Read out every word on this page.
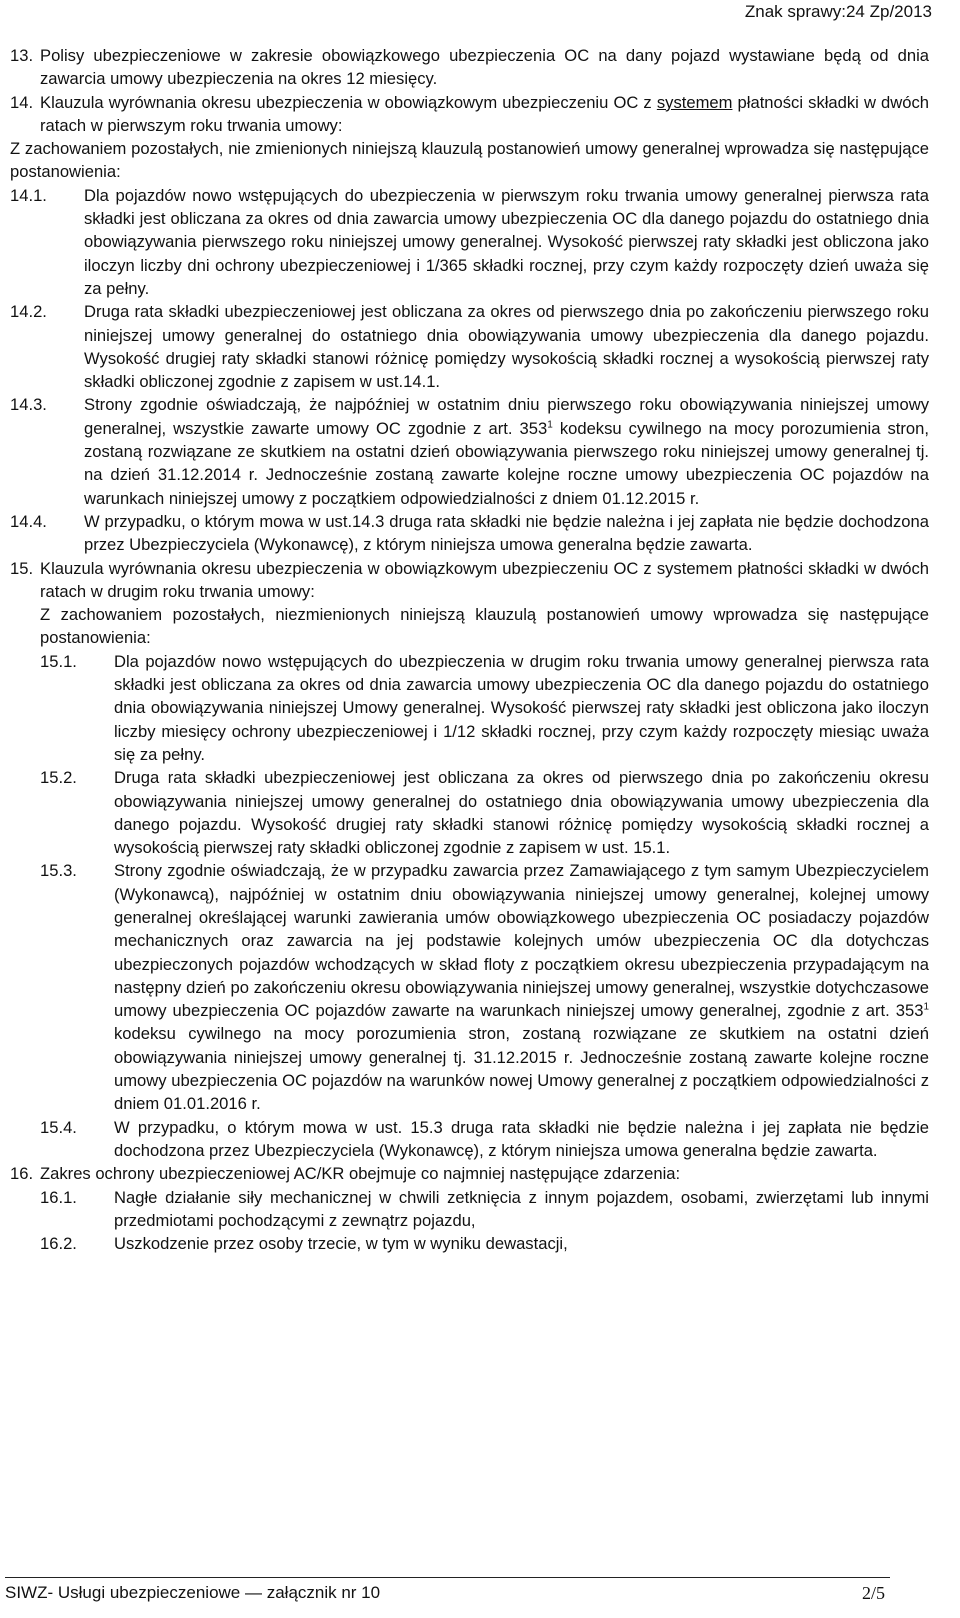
Znak sprawy:24 Zp/2013
13. Polisy ubezpieczeniowe w zakresie obowiązkowego ubezpieczenia OC na dany pojazd wystawiane będą od dnia zawarcia umowy ubezpieczenia na okres 12 miesięcy.
14. Klauzula wyrównania okresu ubezpieczenia w obowiązkowym ubezpieczeniu OC z systemem płatności składki w dwóch ratach w pierwszym roku trwania umowy:
Z zachowaniem pozostałych, nie zmienionych niniejszą klauzulą postanowień umowy generalnej wprowadza się następujące postanowienia:
14.1.	Dla pojazdów nowo wstępujących do ubezpieczenia w pierwszym roku trwania umowy generalnej pierwsza rata składki jest obliczana za okres od dnia zawarcia umowy ubezpieczenia OC dla danego pojazdu do ostatniego dnia obowiązywania pierwszego roku niniejszej umowy generalnej. Wysokość pierwszej raty składki jest obliczona jako iloczyn liczby dni ochrony ubezpieczeniowej i 1/365 składki rocznej, przy czym każdy rozpoczęty dzień uważa się za pełny.
14.2.	Druga rata składki ubezpieczeniowej jest obliczana za okres od pierwszego dnia po zakończeniu pierwszego roku niniejszej umowy generalnej do ostatniego dnia obowiązywania umowy ubezpieczenia dla danego pojazdu. Wysokość drugiej raty składki stanowi różnicę pomiędzy wysokością składki rocznej a wysokością pierwszej raty składki obliczonej zgodnie z zapisem w ust.14.1.
14.3.	Strony zgodnie oświadczają, że najpóźniej w ostatnim dniu pierwszego roku obowiązywania niniejszej umowy generalnej, wszystkie zawarte umowy OC zgodnie z art. $353^1$ kodeksu cywilnego na mocy porozumienia stron, zostaną rozwiązane ze skutkiem na ostatni dzień obowiązywania pierwszego roku niniejszej umowy generalnej tj. na dzień 31.12.2014 r. Jednocześnie zostaną zawarte kolejne roczne umowy ubezpieczenia OC pojazdów na warunkach niniejszej umowy z początkiem odpowiedzialności z dniem 01.12.2015 r.
14.4.	W przypadku, o którym mowa w ust.14.3 druga rata składki nie będzie należna i jej zapłata nie będzie dochodzona przez Ubezpieczyciela (Wykonawcę), z którym niniejsza umowa generalna będzie zawarta.
15. Klauzula wyrównania okresu ubezpieczenia w obowiązkowym ubezpieczeniu OC z systemem płatności składki w dwóch ratach w drugim roku trwania umowy:
Z zachowaniem pozostałych, niezmienionych niniejszą klauzulą postanowień umowy wprowadza się następujące postanowienia:
15.1.	Dla pojazdów nowo wstępujących do ubezpieczenia w drugim roku trwania umowy generalnej pierwsza rata składki jest obliczana za okres od dnia zawarcia umowy ubezpieczenia OC dla danego pojazdu do ostatniego dnia obowiązywania niniejszej Umowy generalnej. Wysokość pierwszej raty składki jest obliczona jako iloczyn liczby miesięcy ochrony ubezpieczeniowej i 1/12 składki rocznej, przy czym każdy rozpoczęty miesiąc uważa się za pełny.
15.2.	Druga rata składki ubezpieczeniowej jest obliczana za okres od pierwszego dnia po zakończeniu okresu obowiązywania niniejszej umowy generalnej do ostatniego dnia obowiązywania umowy ubezpieczenia dla danego pojazdu. Wysokość drugiej raty składki stanowi różnicę pomiędzy wysokością składki rocznej a wysokością pierwszej raty składki obliczonej zgodnie z zapisem w ust. 15.1.
15.3.	Strony zgodnie oświadczają, że w przypadku zawarcia przez Zamawiającego z tym samym Ubezpieczycielem (Wykonawcą), najpóźniej w ostatnim dniu obowiązywania niniejszej umowy generalnej, kolejnej umowy generalnej określającej warunki zawierania umów obowiązkowego ubezpieczenia OC posiadaczy pojazdów mechanicznych oraz zawarcia na jej podstawie kolejnych umów ubezpieczenia OC dla dotychczas ubezpieczonych pojazdów wchodzących w skład floty z początkiem okresu ubezpieczenia przypadającym na następny dzień po zakończeniu okresu obowiązywania niniejszej umowy generalnej, wszystkie dotychczasowe umowy ubezpieczenia OC pojazdów zawarte na warunkach niniejszej umowy generalnej, zgodnie z art. $353^1$ kodeksu cywilnego na mocy porozumienia stron, zostaną rozwiązane ze skutkiem na ostatni dzień obowiązywania niniejszej umowy generalnej tj. 31.12.2015 r. Jednocześnie zostaną zawarte kolejne roczne umowy ubezpieczenia OC pojazdów na warunków nowej Umowy generalnej z początkiem odpowiedzialności z dniem 01.01.2016 r.
15.4.	W przypadku, o którym mowa w ust. 15.3 druga rata składki nie będzie należna i jej zapłata nie będzie dochodzona przez Ubezpieczyciela (Wykonawcę), z którym niniejsza umowa generalna będzie zawarta.
16. Zakres ochrony ubezpieczeniowej AC/KR obejmuje co najmniej następujące zdarzenia:
16.1.	Nagłe działanie siły mechanicznej w chwili zetknięcia z innym pojazdem, osobami, zwierzętami lub innymi przedmiotami pochodzącymi z zewnątrz pojazdu,
16.2.	Uszkodzenie przez osoby trzecie, w tym w wyniku dewastacji,
SIWZ- Usługi ubezpieczeniowe — załącznik nr 10	2/5
